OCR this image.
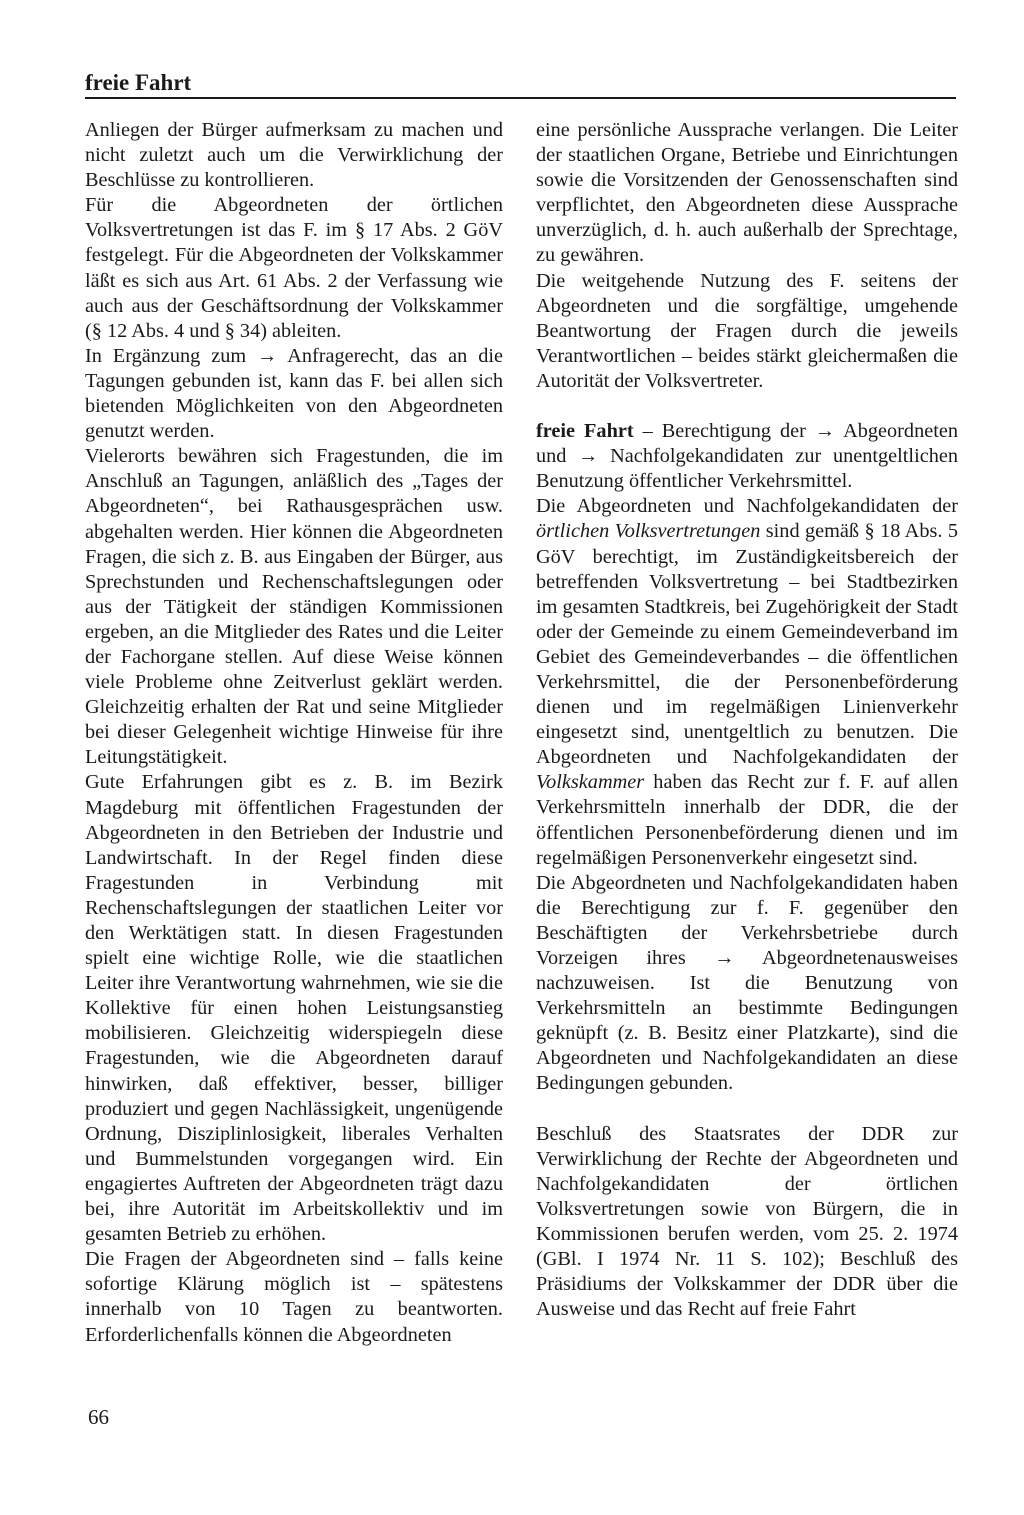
freie Fahrt

Anliegen der Bürger aufmerksam zu machen und nicht zuletzt auch um die Verwirklichung der Beschlüsse zu kontrollieren.

Für die Abgeordneten der örtlichen Volksvertretungen ist das F. im § 17 Abs. 2 GöV festgelegt. Für die Abgeordneten der Volkskammer läßt es sich aus Art. 61 Abs. 2 der Verfassung wie auch aus der Geschäftsordnung der Volkskammer (§ 12 Abs. 4 und § 34) ableiten.

In Ergänzung zum → Anfragerecht, das an die Tagungen gebunden ist, kann das F. bei allen sich bietenden Möglichkeiten von den Abgeordneten genutzt werden.

Vielerorts bewähren sich Fragestunden, die im Anschluß an Tagungen, anläßlich des „Tages der Abgeordneten“, bei Rathausgesprächen usw. abgehalten werden. Hier können die Abgeordneten Fragen, die sich z. B. aus Eingaben der Bürger, aus Sprechstunden und Rechenschaftslegungen oder aus der Tätigkeit der ständigen Kommissionen ergeben, an die Mitglieder des Rates und die Leiter der Fachorgane stellen. Auf diese Weise können viele Probleme ohne Zeitverlust geklärt werden. Gleichzeitig erhalten der Rat und seine Mitglieder bei dieser Gelegenheit wichtige Hinweise für ihre Leitungstätigkeit.

Gute Erfahrungen gibt es z. B. im Bezirk Magdeburg mit öffentlichen Fragestunden der Abgeordneten in den Betrieben der Industrie und Landwirtschaft. In der Regel finden diese Fragestunden in Verbindung mit Rechenschaftslegungen der staatlichen Leiter vor den Werktätigen statt. In diesen Fragestunden spielt eine wichtige Rolle, wie die staatlichen Leiter ihre Verantwortung wahrnehmen, wie sie die Kollektive für einen hohen Leistungsanstieg mobilisieren. Gleichzeitig widerspiegeln diese Fragestunden, wie die Abgeordneten darauf hinwirken, daß effektiver, besser, billiger produziert und gegen Nachlässigkeit, ungenügende Ordnung, Disziplinlosigkeit, liberales Verhalten und Bummelstunden vorgegangen wird. Ein engagiertes Auftreten der Abgeordneten trägt dazu bei, ihre Autorität im Arbeitskollektiv und im gesamten Betrieb zu erhöhen.

Die Fragen der Abgeordneten sind – falls keine sofortige Klärung möglich ist – spätestens innerhalb von 10 Tagen zu beantworten. Erforderlichenfalls können die Abgeordneten

eine persönliche Aussprache verlangen. Die Leiter der staatlichen Organe, Betriebe und Einrichtungen sowie die Vorsitzenden der Genossenschaften sind verpflichtet, den Abgeordneten diese Aussprache unverzüglich, d. h. auch außerhalb der Sprechtage, zu gewähren.

Die weitgehende Nutzung des F. seitens der Abgeordneten und die sorgfältige, umgehende Beantwortung der Fragen durch die jeweils Verantwortlichen – beides stärkt gleichermaßen die Autorität der Volksvertreter.

freie Fahrt – Berechtigung der → Abgeordneten und → Nachfolgekandidaten zur unentgeltlichen Benutzung öffentlicher Verkehrsmittel.

Die Abgeordneten und Nachfolgekandidaten der örtlichen Volksvertretungen sind gemäß § 18 Abs. 5 GöV berechtigt, im Zuständigkeitsbereich der betreffenden Volksvertretung – bei Stadtbezirken im gesamten Stadtkreis, bei Zugehörigkeit der Stadt oder der Gemeinde zu einem Gemeindeverband im Gebiet des Gemeindeverbandes – die öffentlichen Verkehrsmittel, die der Personenbeförderung dienen und im regelmäßigen Linienverkehr eingesetzt sind, unentgeltlich zu benutzen. Die Abgeordneten und Nachfolgekandidaten der Volkskammer haben das Recht zur f. F. auf allen Verkehrsmitteln innerhalb der DDR, die der öffentlichen Personenbeförderung dienen und im regelmäßigen Personenverkehr eingesetzt sind.

Die Abgeordneten und Nachfolgekandidaten haben die Berechtigung zur f. F. gegenüber den Beschäftigten der Verkehrsbetriebe durch Vorzeigen ihres → Abgeordnetenausweises nachzuweisen. Ist die Benutzung von Verkehrsmitteln an bestimmte Bedingungen geknüpft (z. B. Besitz einer Platzkarte), sind die Abgeordneten und Nachfolgekandidaten an diese Bedingungen gebunden.

Beschluß des Staatsrates der DDR zur Verwirklichung der Rechte der Abgeordneten und Nachfolgekandidaten der örtlichen Volksvertretungen sowie von Bürgern, die in Kommissionen berufen werden, vom 25. 2. 1974 (GBl. I 1974 Nr. 11 S. 102); Beschluß des Präsidiums der Volkskammer der DDR über die Ausweise und das Recht auf freie Fahrt

66
